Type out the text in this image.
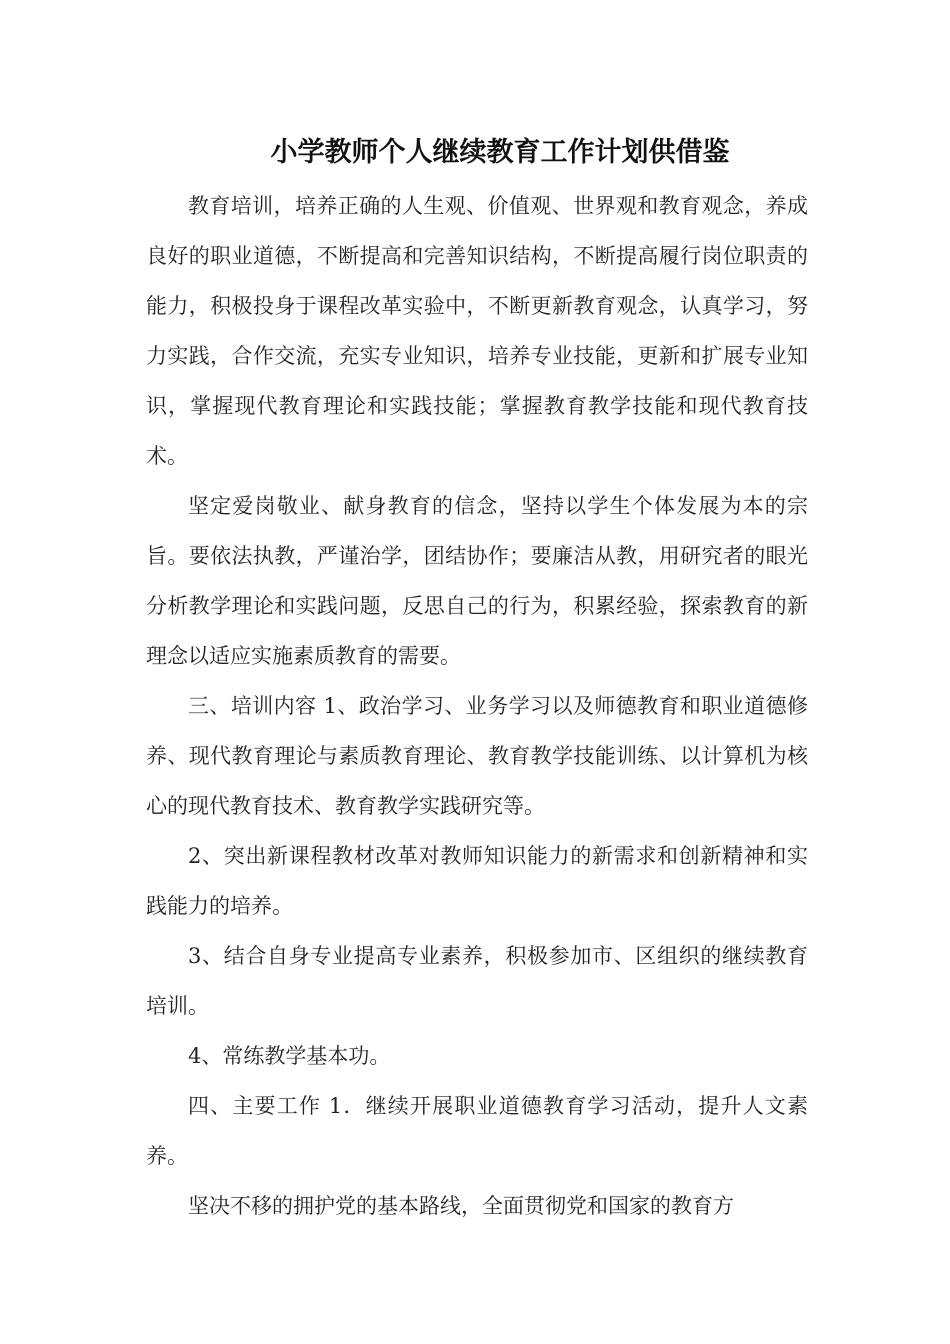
小学教师个人继续教育工作计划供借鉴

教育培训，培养正确的人生观、价值观、世界观和教育观念，养成良好的职业道德，不断提高和完善知识结构，不断提高履行岗位职责的能力，积极投身于课程改革实验中，不断更新教育观念，认真学习，努力实践，合作交流，充实专业知识，培养专业技能，更新和扩展专业知识，掌握现代教育理论和实践技能；掌握教育教学技能和现代教育技术。

坚定爱岗敬业、献身教育的信念，坚持以学生个体发展为本的宗旨。要依法执教，严谨治学，团结协作；要廉洁从教，用研究者的眼光分析教学理论和实践问题，反思自己的行为，积累经验，探索教育的新理念以适应实施素质教育的需要。

三、培训内容 1、政治学习、业务学习以及师德教育和职业道德修养、现代教育理论与素质教育理论、教育教学技能训练、以计算机为核心的现代教育技术、教育教学实践研究等。

2、突出新课程教材改革对教师知识能力的新需求和创新精神和实践能力的培养。

3、结合自身专业提高专业素养，积极参加市、区组织的继续教育培训。

4、常练教学基本功。

四、主要工作 1．继续开展职业道德教育学习活动，提升人文素养。

坚决不移的拥护党的基本路线，全面贯彻党和国家的教育方
